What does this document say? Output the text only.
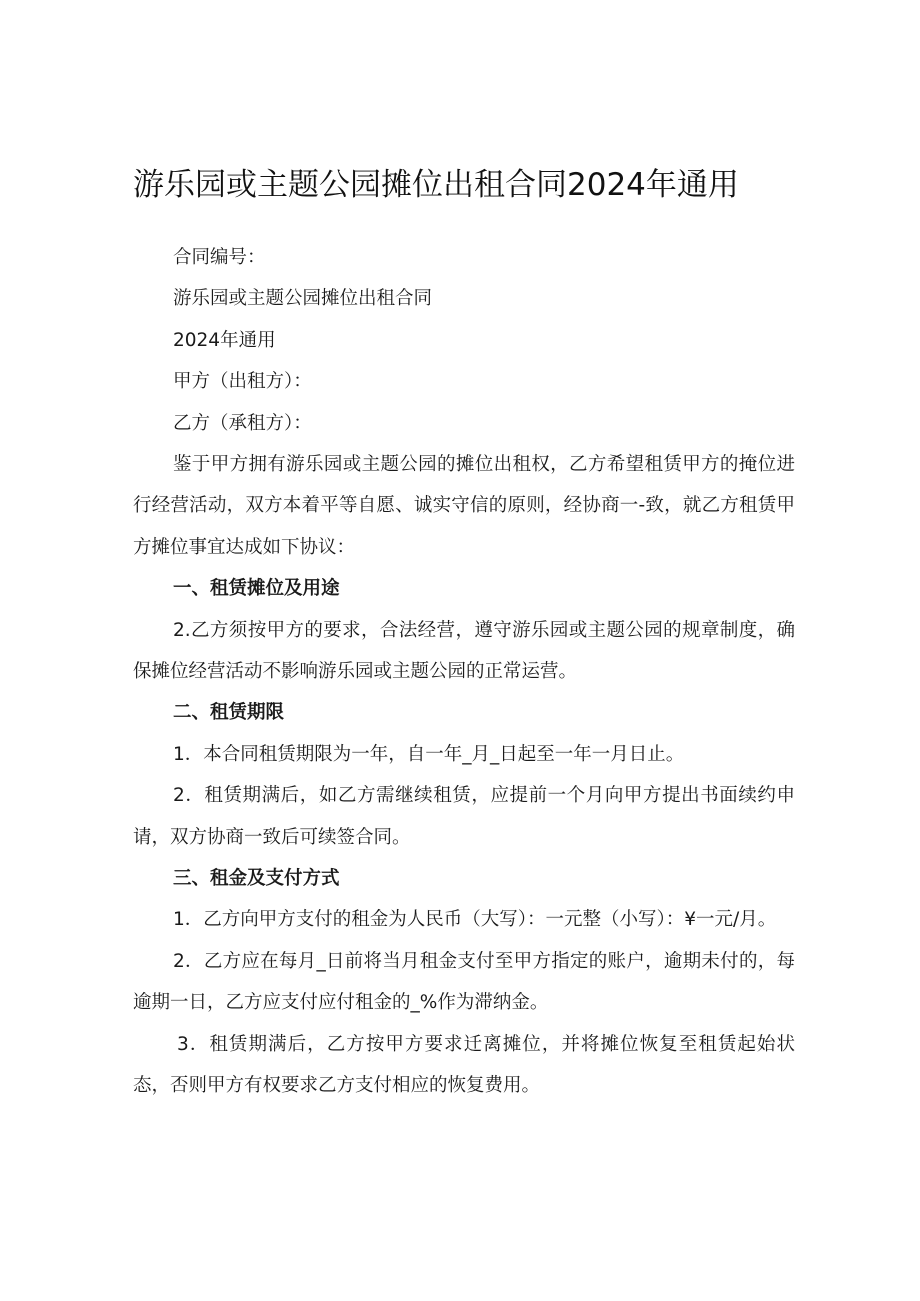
游乐园或主题公园摊位出租合同2024年通用
合同编号：
游乐园或主题公园摊位出租合同
2024年通用
甲方（出租方）：
乙方（承租方）：
鉴于甲方拥有游乐园或主题公园的摊位出租权，乙方希望租赁甲方的掩位进行经营活动，双方本着平等自愿、诚实守信的原则，经协商一-致，就乙方租赁甲方摊位事宜达成如下协议：
一、租赁摊位及用途
2.乙方须按甲方的要求，合法经营，遵守游乐园或主题公园的规章制度，确保摊位经营活动不影响游乐园或主题公园的正常运营。
二、租赁期限
1．本合同租赁期限为一年，自一年_月_日起至一年一月日止。
2．租赁期满后，如乙方需继续租赁，应提前一个月向甲方提出书面续约申请，双方协商一致后可续签合同。
三、租金及支付方式
1．乙方向甲方支付的租金为人民币（大写）：一元整（小写）：¥一元/月。
2．乙方应在每月_日前将当月租金支付至甲方指定的账户，逾期未付的，每逾期一日，乙方应支付应付租金的_%作为滞纳金。
3．租赁期满后，乙方按甲方要求迁离摊位，并将摊位恢复至租赁起始状态，否则甲方有权要求乙方支付相应的恢复费用。
